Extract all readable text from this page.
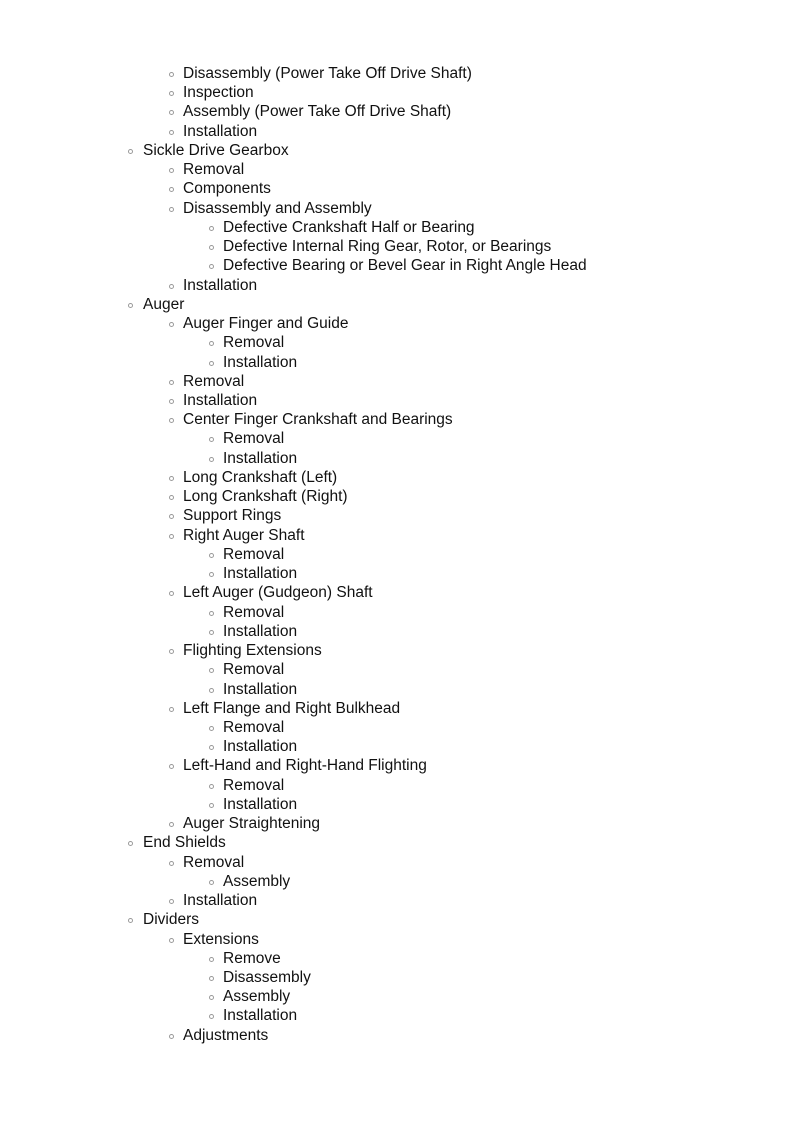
Disassembly (Power Take Off Drive Shaft)
Inspection
Assembly (Power Take Off Drive Shaft)
Installation
Sickle Drive Gearbox
Removal
Components
Disassembly and Assembly
Defective Crankshaft Half or Bearing
Defective Internal Ring Gear, Rotor, or Bearings
Defective Bearing or Bevel Gear in Right Angle Head
Installation
Auger
Auger Finger and Guide
Removal
Installation
Removal
Installation
Center Finger Crankshaft and Bearings
Removal
Installation
Long Crankshaft (Left)
Long Crankshaft (Right)
Support Rings
Right Auger Shaft
Removal
Installation
Left Auger (Gudgeon) Shaft
Removal
Installation
Flighting Extensions
Removal
Installation
Left Flange and Right Bulkhead
Removal
Installation
Left-Hand and Right-Hand Flighting
Removal
Installation
Auger Straightening
End Shields
Removal
Assembly
Installation
Dividers
Extensions
Remove
Disassembly
Assembly
Installation
Adjustments
